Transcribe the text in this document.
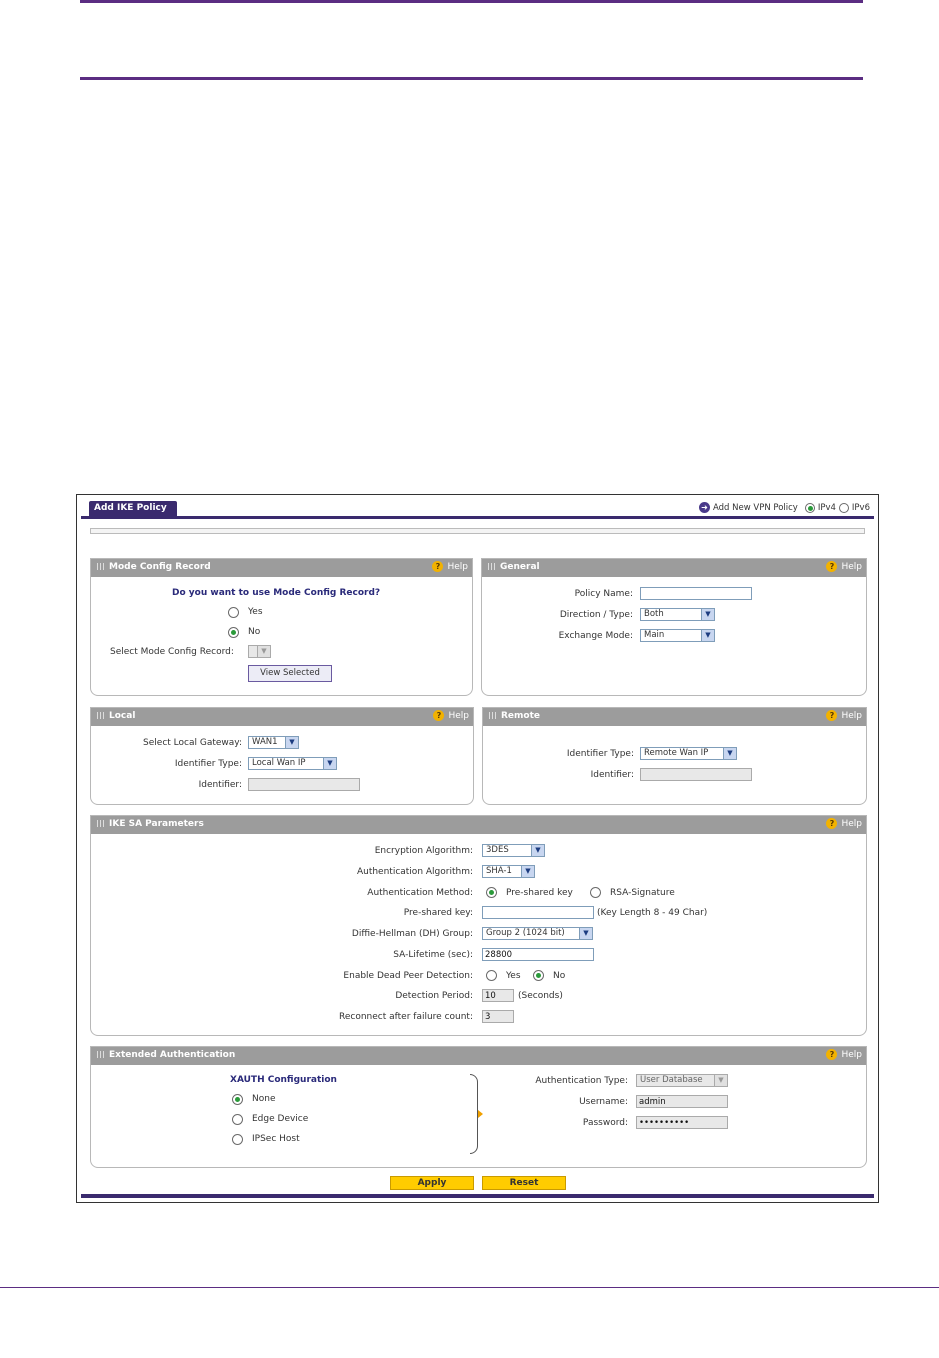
Add IKE Policy	➜ Add New VPN Policy IPv4 IPv6
Mode Config Record	? Help
Do you want to use Mode Config Record?
Yes
No
Select Mode Config Record:	▼
View Selected
General	? Help
Policy Name:
Direction / Type:	Both	▼
Exchange Mode:	Main	▼
Local	? Help
Select Local Gateway:	WAN1	▼
Identifier Type:	Local Wan IP	▼
Identifier:
Remote	? Help
Identifier Type:	Remote Wan IP	▼
Identifier:
IKE SA Parameters	? Help
Encryption Algorithm:	3DES	▼
Authentication Algorithm:	SHA-1	▼
Authentication Method:	Pre-shared key	RSA-Signature
Pre-shared key:	(Key Length 8 - 49 Char)
Diffie-Hellman (DH) Group:	Group 2 (1024 bit)	▼
SA-Lifetime (sec):
28800
Enable Dead Peer Detection:	Yes	No
Detection Period:
10	(Seconds)
Reconnect after failure count:
3
Extended Authentication	? Help
XAUTH Configuration
None
Edge Device
IPSec Host
Authentication Type:	User Database	▼
Username:
admin
Password:
••••••••••
Apply	Reset
